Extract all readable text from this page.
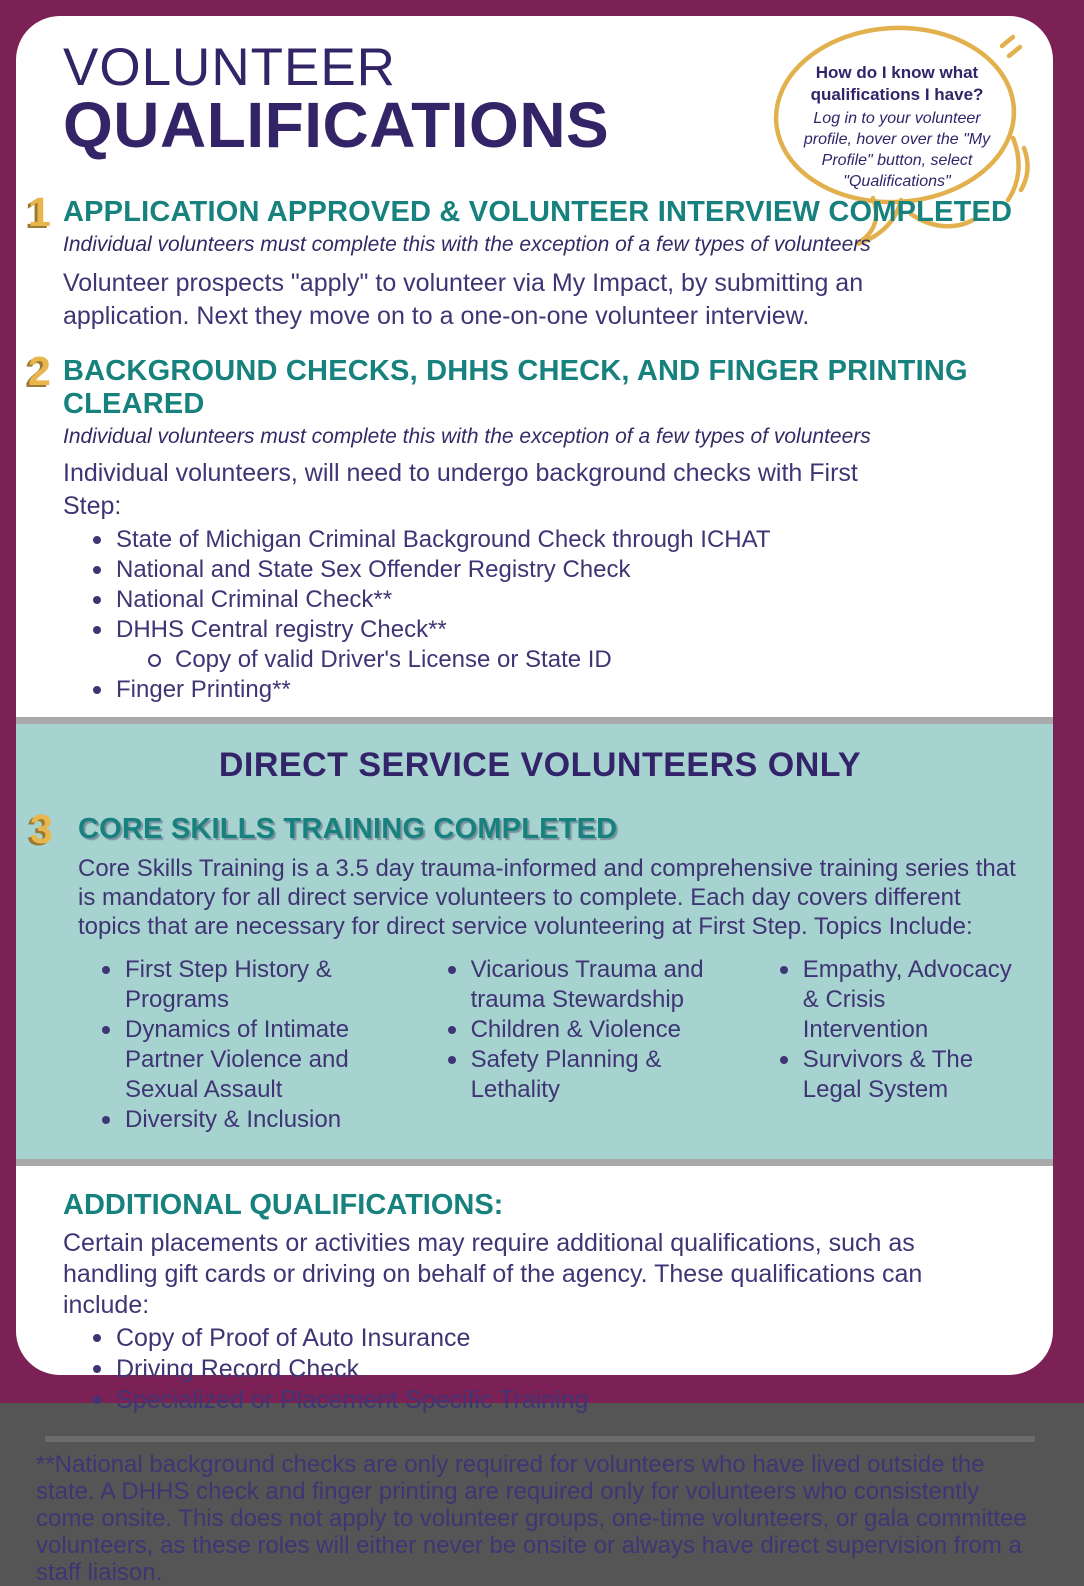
VOLUNTEER
QUALIFICATIONS
How do I know what qualifications I have?
Log in to your volunteer profile, hover over the "My Profile" button, select "Qualifications"
1 APPLICATION APPROVED & VOLUNTEER INTERVIEW COMPLETED
Individual volunteers must complete this with the exception of a few types of volunteers
Volunteer prospects "apply" to volunteer via My Impact, by submitting an application. Next they move on to a one-on-one volunteer interview.
2 BACKGROUND CHECKS, DHHS CHECK, AND FINGER PRINTING CLEARED
Individual volunteers must complete this with the exception of a few types of volunteers
Individual volunteers, will need to undergo background checks with First Step:
State of Michigan Criminal Background Check through ICHAT
National and State Sex Offender Registry Check
National Criminal Check**
DHHS Central registry Check**
Copy of valid Driver's License or State ID
Finger Printing**
DIRECT SERVICE VOLUNTEERS ONLY
3 CORE SKILLS TRAINING COMPLETED
Core Skills Training is a 3.5 day trauma-informed and comprehensive training series that is mandatory for all direct service volunteers to complete. Each day covers different topics that are necessary for direct service volunteering at First Step. Topics Include:
First Step History & Programs
Dynamics of Intimate Partner Violence and Sexual Assault
Diversity & Inclusion
Vicarious Trauma and trauma Stewardship
Children & Violence
Safety Planning & Lethality
Empathy, Advocacy & Crisis Intervention
Survivors & The Legal System
ADDITIONAL QUALIFICATIONS:
Certain placements or activities may require additional qualifications, such as handling gift cards or driving on behalf of the agency. These qualifications can include:
Copy of Proof of Auto Insurance
Driving Record Check
Specialized or Placement Specific Training
**National background checks are only required for volunteers who have lived outside the state. A DHHS check and finger printing are required only for volunteers who consistently come onsite. This does not apply to volunteer groups, one-time volunteers, or gala committee volunteers, as these roles will either never be onsite or always have direct supervision from a staff liaison.
